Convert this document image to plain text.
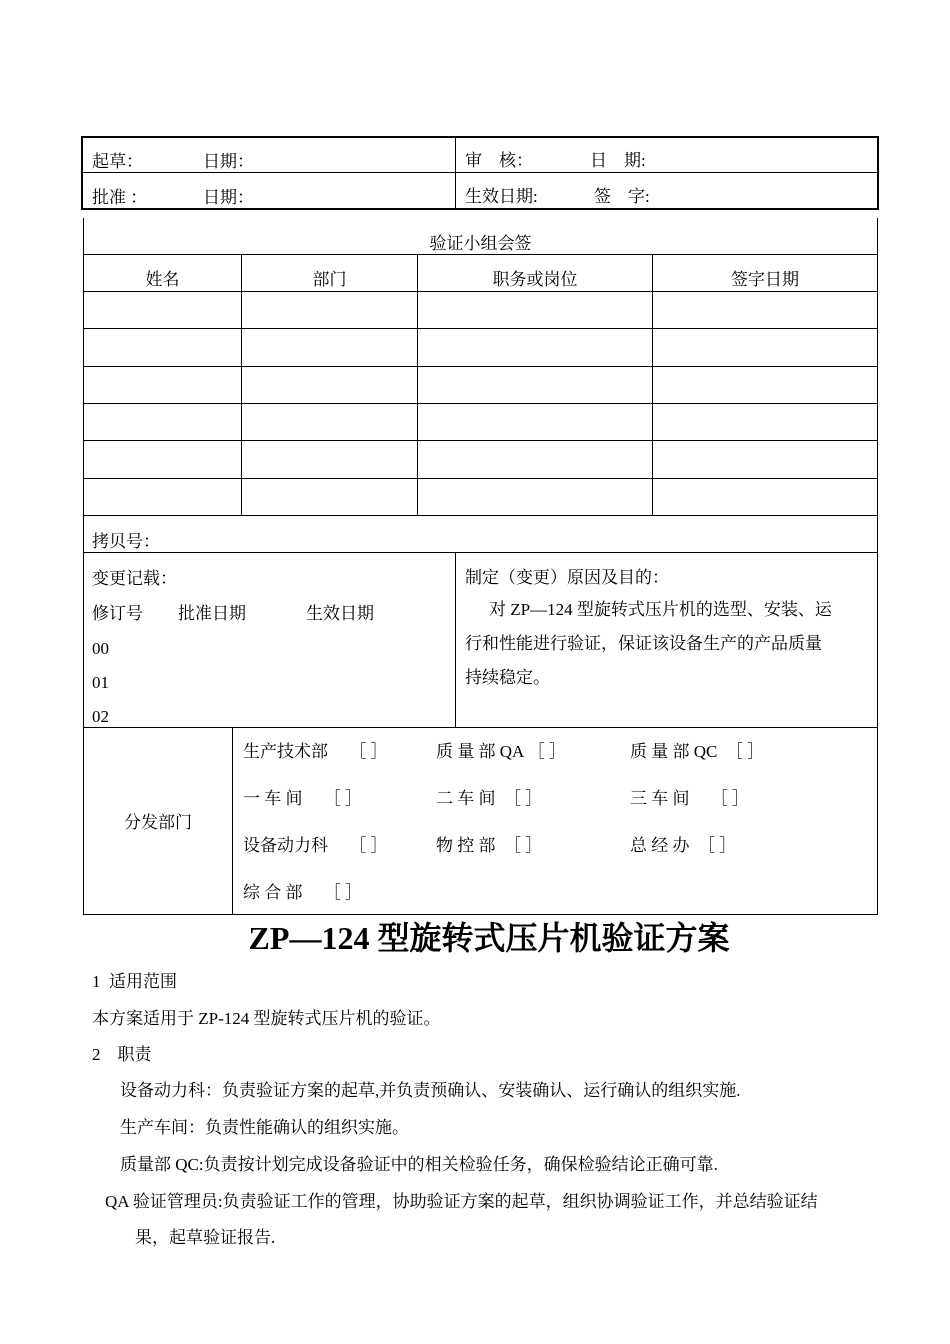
起草：	日期：	审　核：	日　期:
批准 ：	日期：	生效日期:	签　字:
验证小组会签
姓名	部门	职务或岗位	签字日期
拷贝号：
变更记载：
修订号 批准日期	生效日期
00
01
02
制定（变更）原因及目的：
对 ZP—124 型旋转式压片机的选型、安装、运
行和性能进行验证，保证该设备生产的产品质量
持续稳定。
分发部门
生产技术部　 ［ ］	质 量 部 QA ［ ］	质 量 部 QC　［ ］
一 车 间　 ［ ］	二 车 间　［ ］	三 车 间　 ［ ］
设备动力科　 ［ ］	物 控 部　［ ］	总 经 办　［ ］
综 合 部　 ［ ］
ZP—124 型旋转式压片机验证方案
1  适用范围
本方案适用于 ZP-124 型旋转式压片机的验证。
2　职责
设备动力科：负责验证方案的起草,并负责预确认、安装确认、运行确认的组织实施.
生产车间：负责性能确认的组织实施。
质量部 QC:负责按计划完成设备验证中的相关检验任务，确保检验结论正确可靠.
QA 验证管理员:负责验证工作的管理，协助验证方案的起草，组织协调验证工作，并总结验证结
果，起草验证报告.
